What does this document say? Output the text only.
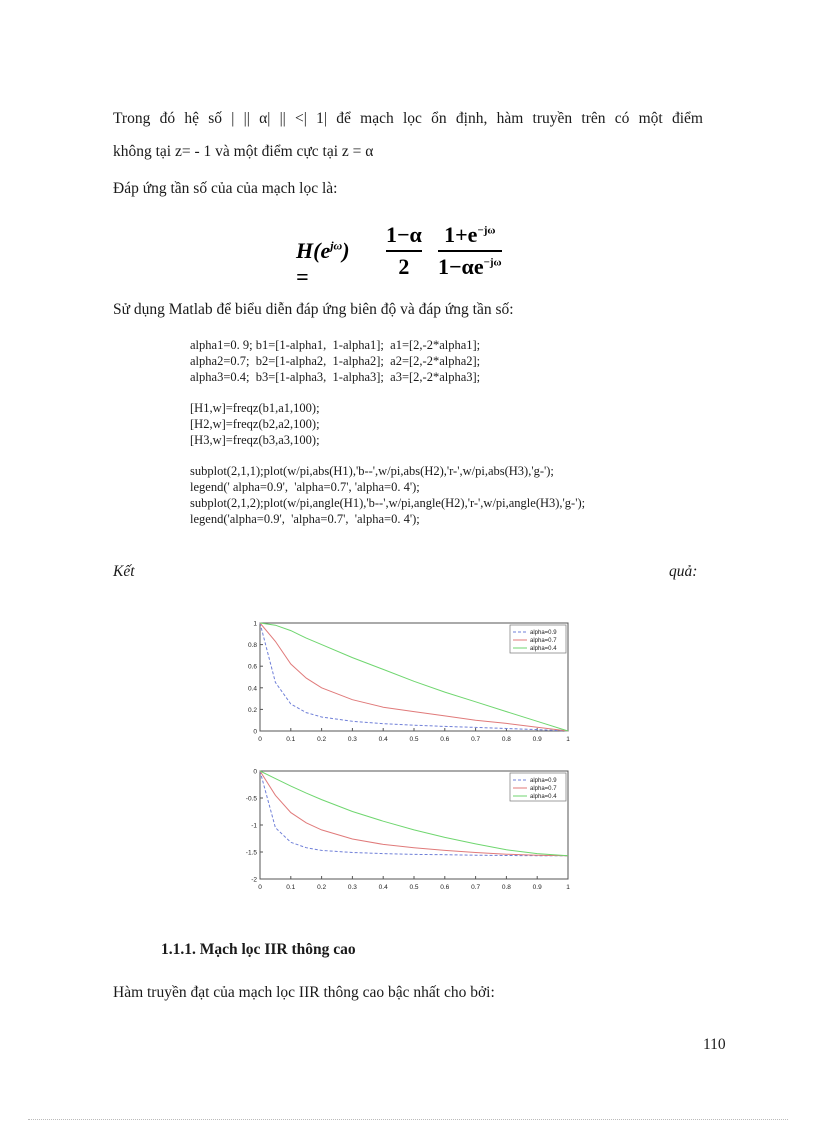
Trong đó hệ số | || α| || <| 1| để mạch lọc ổn định, hàm truyền trên có một điểm
không tại z= - 1 và một điểm cực tại z = α
Đáp ứng tần số của của mạch lọc là:
$H(e^{j\omega})$ =
1−α
2
$1+e^{-j\omega}$
$1-\alpha e^{-j\omega}$
Sử dụng Matlab để biểu diễn đáp ứng biên độ và đáp ứng tần số:
alpha1=0. 9; b1=[1-alpha1,  1-alpha1];  a1=[2,-2*alpha1];
alpha2=0.7;  b2=[1-alpha2,  1-alpha2];  a2=[2,-2*alpha2];
alpha3=0.4;  b3=[1-alpha3,  1-alpha3];  a3=[2,-2*alpha3];
[H1,w]=freqz(b1,a1,100);
[H2,w]=freqz(b2,a2,100);
[H3,w]=freqz(b3,a3,100);
subplot(2,1,1);plot(w/pi,abs(H1),'b--',w/pi,abs(H2),'r-',w/pi,abs(H3),'g-');
legend(' alpha=0.9',  'alpha=0.7', 'alpha=0. 4');
subplot(2,1,2);plot(w/pi,angle(H1),'b--',w/pi,angle(H2),'r-',w/pi,angle(H3),'g-');
legend('alpha=0.9',  'alpha=0.7',  'alpha=0. 4');
Kết	quả:
0	0.1	0.2	0.3	0.4	0.5	0.6	0.7	0.8	0.9	1
0
0.2
0.4
0.6
0.8
1
alpha=0.9
alpha=0.7
alpha=0.4
0	0.1	0.2	0.3	0.4	0.5	0.6	0.7	0.8	0.9	1
0
-0.5
-1
-1.5
-2
alpha=0.9
alpha=0.7
alpha=0.4
1.1.1. Mạch lọc IIR thông cao
Hàm truyền đạt của mạch lọc IIR thông cao bậc nhất cho bởi:
110
